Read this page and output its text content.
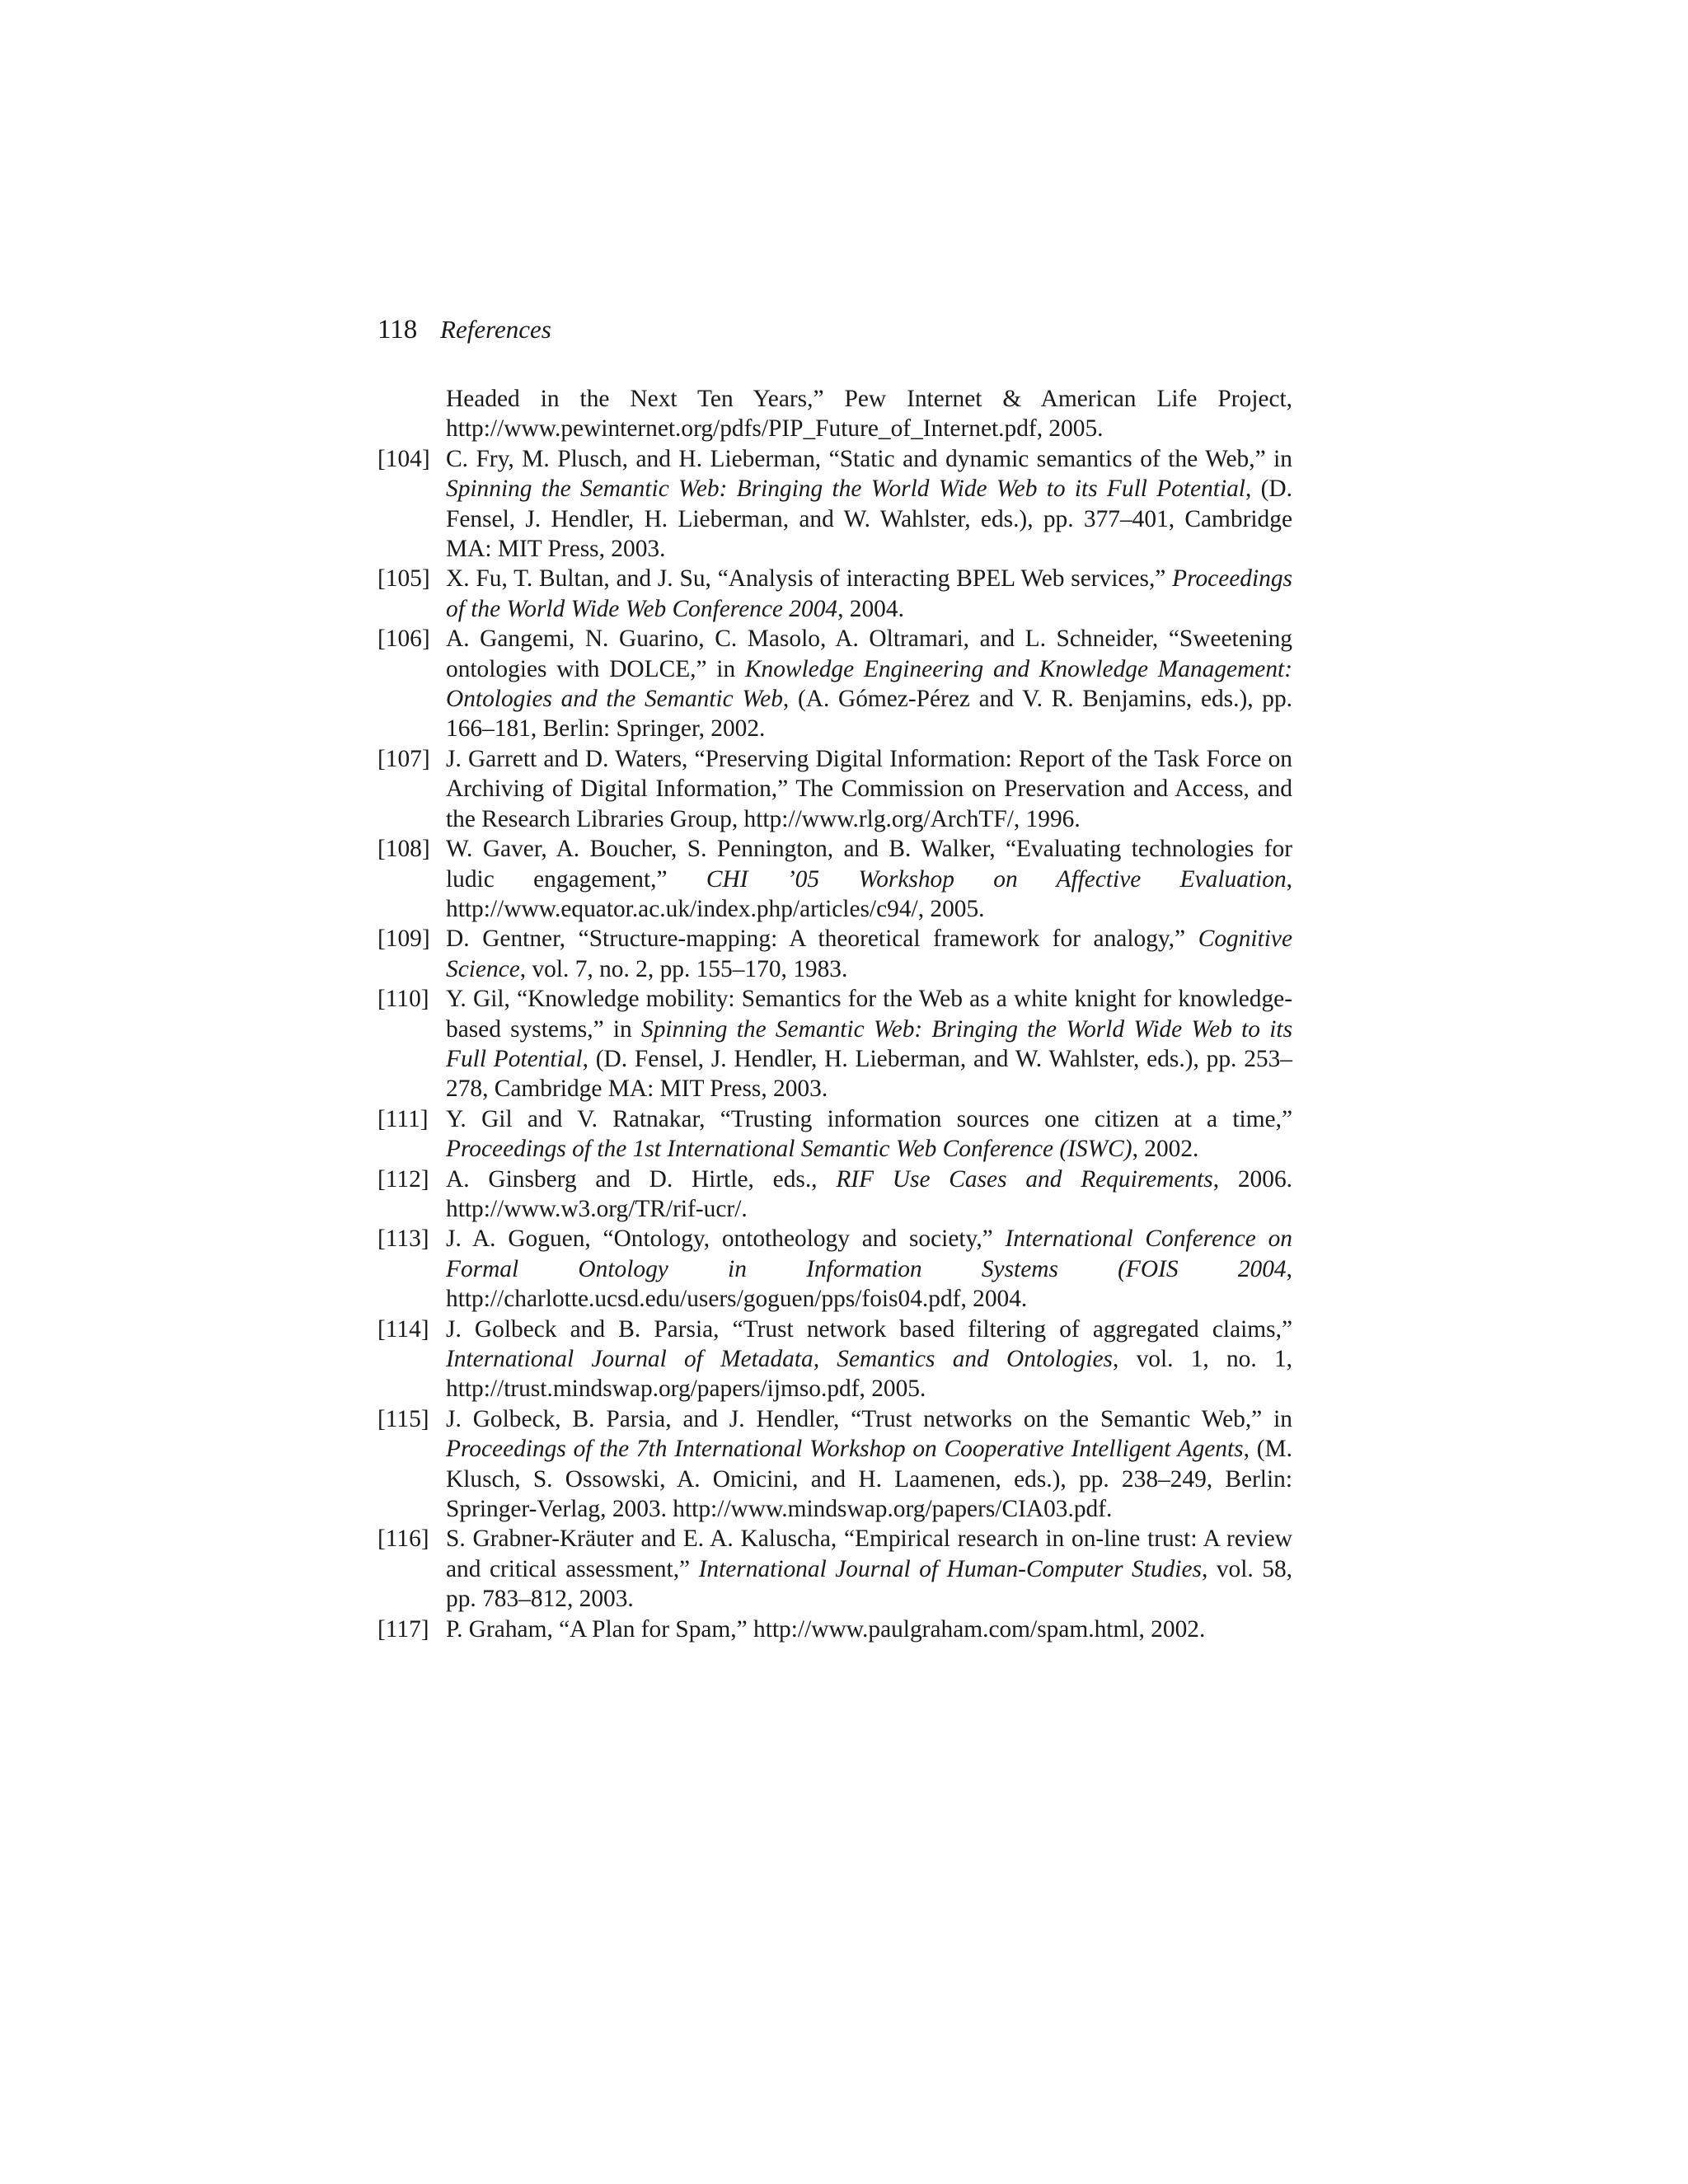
118 References
Headed in the Next Ten Years,” Pew Internet & American Life Project, http://www.pewinternet.org/pdfs/PIP_Future_of_Internet.pdf, 2005.
[104] C. Fry, M. Plusch, and H. Lieberman, “Static and dynamic semantics of the Web,” in Spinning the Semantic Web: Bringing the World Wide Web to its Full Potential, (D. Fensel, J. Hendler, H. Lieberman, and W. Wahlster, eds.), pp. 377–401, Cambridge MA: MIT Press, 2003.
[105] X. Fu, T. Bultan, and J. Su, “Analysis of interacting BPEL Web services,” Proceedings of the World Wide Web Conference 2004, 2004.
[106] A. Gangemi, N. Guarino, C. Masolo, A. Oltramari, and L. Schneider, “Sweetening ontologies with DOLCE,” in Knowledge Engineering and Knowledge Management: Ontologies and the Semantic Web, (A. Gómez-Pérez and V. R. Benjamins, eds.), pp. 166–181, Berlin: Springer, 2002.
[107] J. Garrett and D. Waters, “Preserving Digital Information: Report of the Task Force on Archiving of Digital Information,” The Commission on Preservation and Access, and the Research Libraries Group, http://www.rlg.org/ArchTF/, 1996.
[108] W. Gaver, A. Boucher, S. Pennington, and B. Walker, “Evaluating technologies for ludic engagement,” CHI ’05 Workshop on Affective Evaluation, http://www.equator.ac.uk/index.php/articles/c94/, 2005.
[109] D. Gentner, “Structure-mapping: A theoretical framework for analogy,” Cognitive Science, vol. 7, no. 2, pp. 155–170, 1983.
[110] Y. Gil, “Knowledge mobility: Semantics for the Web as a white knight for knowledge-based systems,” in Spinning the Semantic Web: Bringing the World Wide Web to its Full Potential, (D. Fensel, J. Hendler, H. Lieberman, and W. Wahlster, eds.), pp. 253–278, Cambridge MA: MIT Press, 2003.
[111] Y. Gil and V. Ratnakar, “Trusting information sources one citizen at a time,” Proceedings of the 1st International Semantic Web Conference (ISWC), 2002.
[112] A. Ginsberg and D. Hirtle, eds., RIF Use Cases and Requirements, 2006. http://www.w3.org/TR/rif-ucr/.
[113] J. A. Goguen, “Ontology, ontotheology and society,” International Conference on Formal Ontology in Information Systems (FOIS 2004, http://charlotte.ucsd.edu/users/goguen/pps/fois04.pdf, 2004.
[114] J. Golbeck and B. Parsia, “Trust network based filtering of aggregated claims,” International Journal of Metadata, Semantics and Ontologies, vol. 1, no. 1, http://trust.mindswap.org/papers/ijmso.pdf, 2005.
[115] J. Golbeck, B. Parsia, and J. Hendler, “Trust networks on the Semantic Web,” in Proceedings of the 7th International Workshop on Cooperative Intelligent Agents, (M. Klusch, S. Ossowski, A. Omicini, and H. Laamenen, eds.), pp. 238–249, Berlin: Springer-Verlag, 2003. http://www.mindswap.org/papers/CIA03.pdf.
[116] S. Grabner-Kräuter and E. A. Kaluscha, “Empirical research in on-line trust: A review and critical assessment,” International Journal of Human-Computer Studies, vol. 58, pp. 783–812, 2003.
[117] P. Graham, “A Plan for Spam,” http://www.paulgraham.com/spam.html, 2002.
